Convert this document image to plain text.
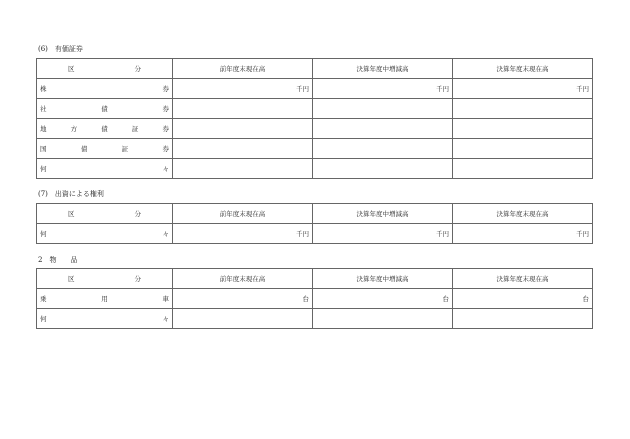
(6)　有価証券
区 分	前年度末現在高	決算年度中増減高	決算年度末現在高

株 券	千円	千円	千円

社 債 券			

地 方 債 証 券			

国 債 証 券			

何 々			

(7)　出資による権利
区 分	前年度末現在高	決算年度中増減高	決算年度末現在高

何 々	千円	千円	千円
2　物　　品
区 分	前年度末現在高	決算年度中増減高	決算年度末現在高

乗 用 車	台	台	台

何 々			
